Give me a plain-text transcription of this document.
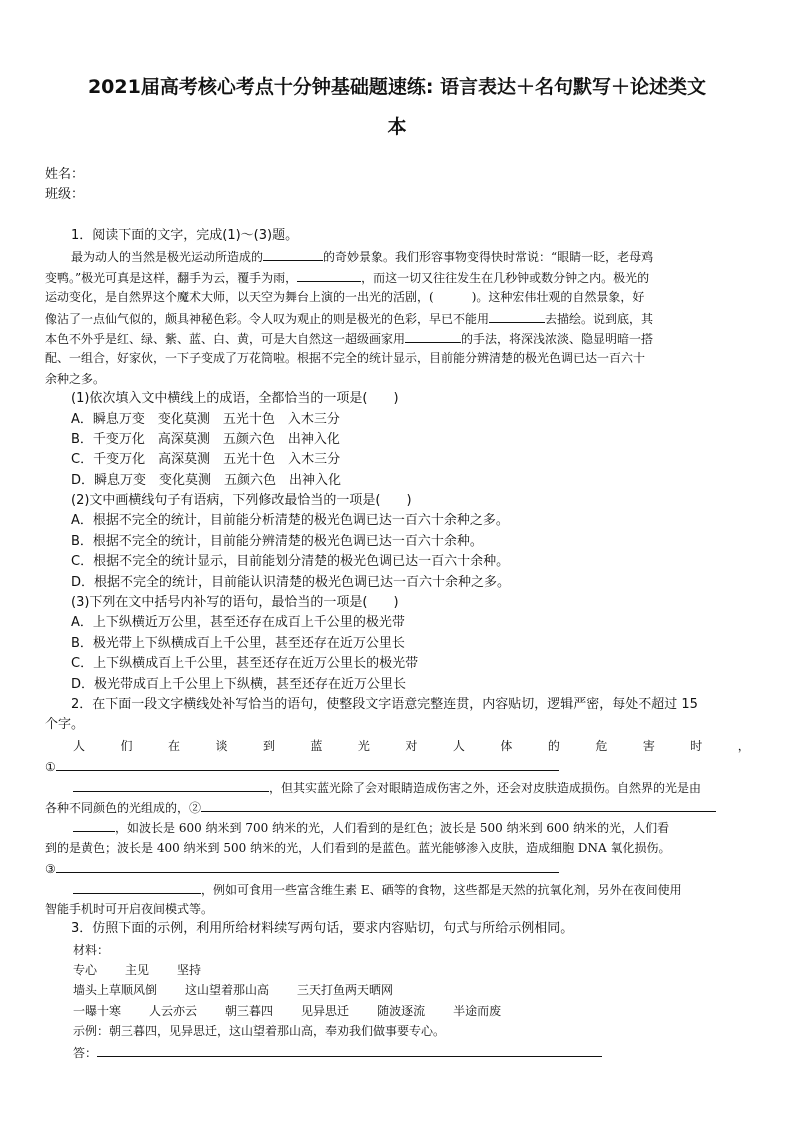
2021届高考核心考点十分钟基础题速练: 语言表达＋名句默写＋论述类文
本
姓名：
班级：
1．阅读下面的文字，完成(1)～(3)题。
最为动人的当然是极光运动所造成的	的奇妙景象。我们形容事物变得快时常说：“眼睛一眨，老母鸡
变鸭。”极光可真是这样，翻手为云，覆手为雨，	，而这一切又往往发生在几秒钟或数分钟之内。极光的
运动变化，是自然界这个魔术大师，以天空为舞台上演的一出光的活剧，(	)。这种宏伟壮观的自然景象，好
像沾了一点仙气似的，颇具神秘色彩。令人叹为观止的则是极光的色彩，早已不能用	去描绘。说到底，其
本色不外乎是红、绿、紫、蓝、白、黄，可是大自然这一超级画家用	的手法，将深浅浓淡、隐显明暗一搭
配、一组合，好家伙，一下子变成了万花筒啦。根据不完全的统计显示，目前能分辨清楚的极光色调已达一百六十
余种之多。
(1)依次填入文中横线上的成语，全都恰当的一项是(　　)
A．瞬息万变　变化莫测　五光十色　入木三分
B．千变万化　高深莫测　五颜六色　出神入化
C．千变万化　高深莫测　五光十色　入木三分
D．瞬息万变　变化莫测　五颜六色　出神入化
(2)文中画横线句子有语病，下列修改最恰当的一项是(　　)
A．根据不完全的统计，目前能分析清楚的极光色调已达一百六十余种之多。
B．根据不完全的统计，目前能分辨清楚的极光色调已达一百六十余种。
C．根据不完全的统计显示，目前能划分清楚的极光色调已达一百六十余种。
D．根据不完全的统计，目前能认识清楚的极光色调已达一百六十余种之多。
(3)下列在文中括号内补写的语句，最恰当的一项是(　　)
A．上下纵横近万公里，甚至还存在成百上千公里的极光带
B．极光带上下纵横成百上千公里，甚至还存在近万公里长
C．上下纵横成百上千公里，甚至还存在近万公里长的极光带
D．极光带成百上千公里上下纵横，甚至还存在近万公里长
2．在下面一段文字横线处补写恰当的语句，使整段文字语意完整连贯，内容贴切，逻辑严密，每处不超过 15
个字。
人	们	在	谈	到	蓝	光	对	人	体	的	危	害	时	，
①
，但其实蓝光除了会对眼睛造成伤害之外，还会对皮肤造成损伤。自然界的光是由
各种不同颜色的光组成的，②
，如波长是 600 纳米到 700 纳米的光，人们看到的是红色；波长是 500 纳米到 600 纳米的光，人们看
到的是黄色；波长是 400 纳米到 500 纳米的光，人们看到的是蓝色。蓝光能够渗入皮肤，造成细胞 DNA 氧化损伤。
③
，例如可食用一些富含维生素 E、硒等的食物，这些都是天然的抗氧化剂，另外在夜间使用
智能手机时可开启夜间模式等。
3．仿照下面的示例，利用所给材料续写两句话，要求内容贴切，句式与所给示例相同。
材料：
专心 主见 坚持
墙头上草顺风倒 这山望着那山高 三天打鱼两天晒网
一曝十寒 人云亦云 朝三暮四 见异思迁 随波逐流 半途而废
示例：朝三暮四，见异思迁，这山望着那山高，奉劝我们做事要专心。
答：
